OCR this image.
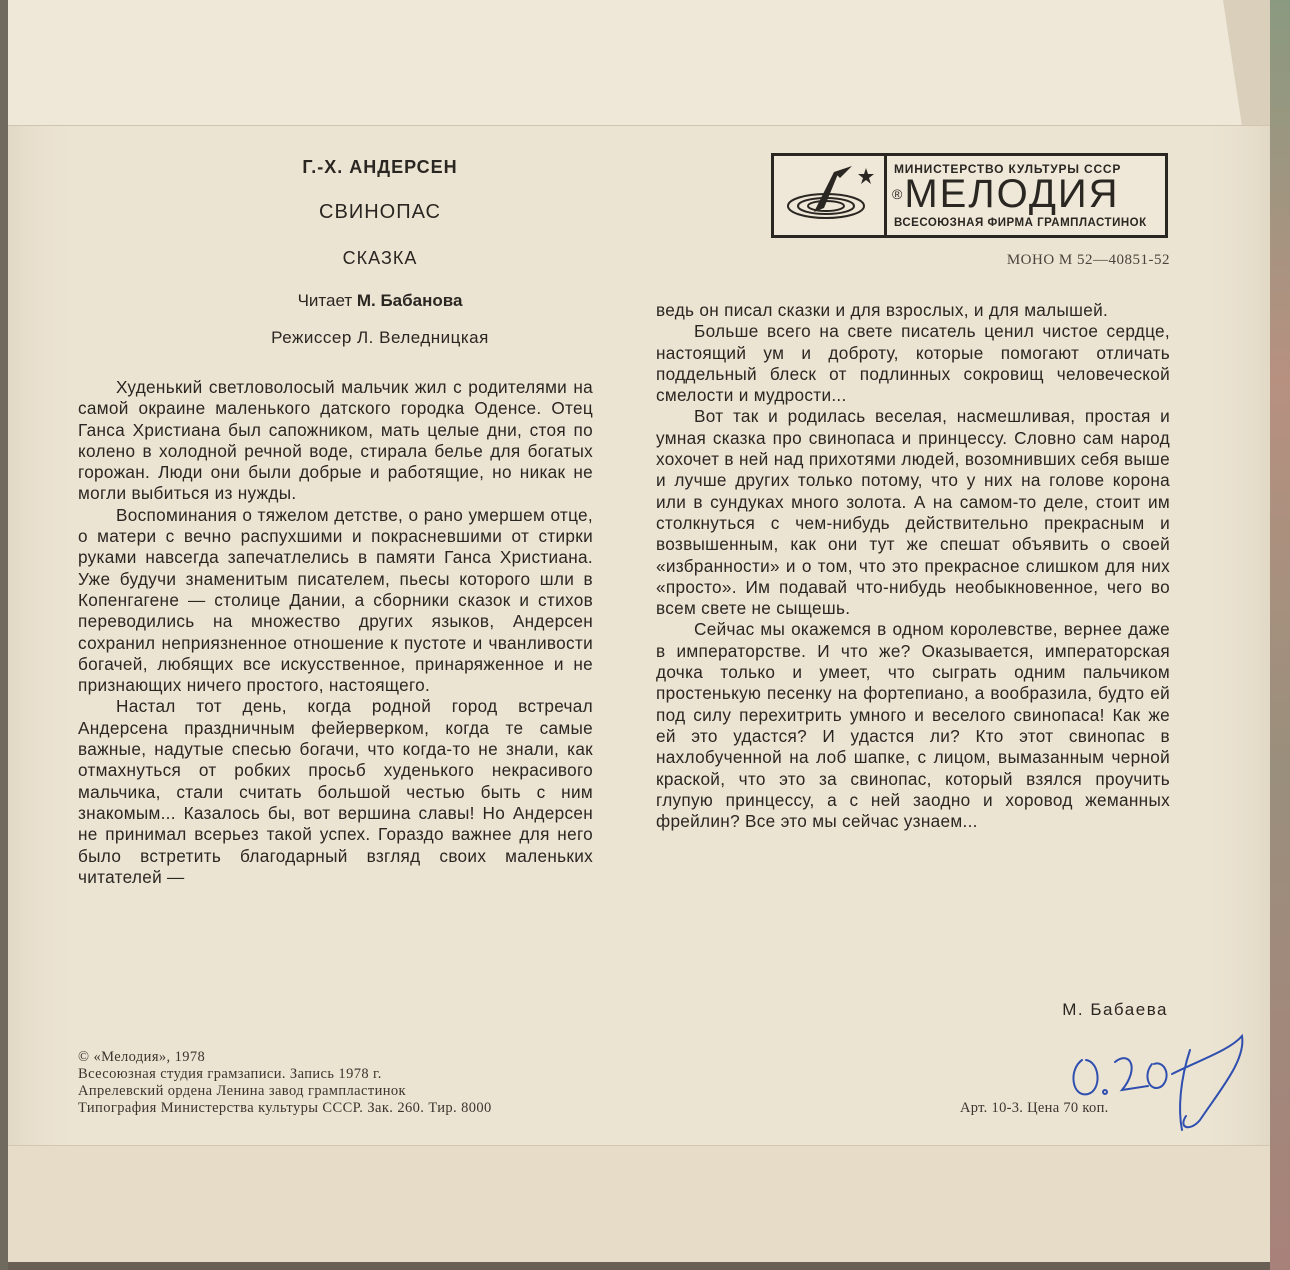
Г.-Х. АНДЕРСЕН
СВИНОПАС
СКАЗКА
Читает М. Бабанова
Режиссер Л. Веледницкая
МИНИСТЕРСТВО КУЛЬТУРЫ СССР
®МЕЛОДИЯ
ВСЕСОЮЗНАЯ ФИРМА ГРАМПЛАСТИНОК
МОНО М 52—40851-52

Худенький светловолосый мальчик жил с родителями на самой окраине маленького датского городка Оденсе. Отец Ганса Христиана был сапожником, мать целые дни, стоя по колено в холодной речной воде, стирала белье для богатых горожан. Люди они были добрые и работящие, но никак не могли выбиться из нужды.

Воспоминания о тяжелом детстве, о рано умершем отце, о матери с вечно распухшими и покрасневшими от стирки руками навсегда запечатлелись в памяти Ганса Христиана. Уже будучи знаменитым писателем, пьесы которого шли в Копенгагене — столице Дании, а сборники сказок и стихов переводились на множество других языков, Андерсен сохранил неприязненное отношение к пустоте и чванливости богачей, любящих все искусственное, принаряженное и не признающих ничего простого, настоящего.

Настал тот день, когда родной город встречал Андерсена праздничным фейерверком, когда те самые важные, надутые спесью богачи, что когда-то не знали, как отмахнуться от робких просьб худенького некрасивого мальчика, стали считать большой честью быть с ним знакомым... Казалось бы, вот вершина славы! Но Андерсен не принимал всерьез такой успех. Гораздо важнее для него было встретить благодарный взгляд своих маленьких читателей —

ведь он писал сказки и для взрослых, и для малышей.

Больше всего на свете писатель ценил чистое сердце, настоящий ум и доброту, которые помогают отличать поддельный блеск от подлинных сокровищ человеческой смелости и мудрости...

Вот так и родилась веселая, насмешливая, простая и умная сказка про свинопаса и принцессу. Словно сам народ хохочет в ней над прихотями людей, возомнивших себя выше и лучше других только потому, что у них на голове корона или в сундуках много золота. А на самом-то деле, стоит им столкнуться с чем-нибудь действительно прекрасным и возвышенным, как они тут же спешат объявить о своей «избранности» и о том, что это прекрасное слишком для них «просто». Им подавай что-нибудь необыкновенное, чего во всем свете не сыщешь.

Сейчас мы окажемся в одном королевстве, вернее даже в императорстве. И что же? Оказывается, императорская дочка только и умеет, что сыграть одним пальчиком простенькую песенку на фортепиано, а вообразила, будто ей под силу перехитрить умного и веселого свинопаса! Как же ей это удастся? И удастся ли? Кто этот свинопас в нахлобученной на лоб шапке, с лицом, вымазанным черной краской, что это за свинопас, который взялся проучить глупую принцессу, а с ней заодно и хоровод жеманных фрейлин? Все это мы сейчас узнаем...

М. Бабаева
© «Мелодия», 1978
Всесоюзная студия грамзаписи. Запись 1978 г.
Апрелевский ордена Ленина завод грампластинок
Типография Министерства культуры СССР. Зак. 260. Тир. 8000	Арт. 10-3. Цена 70 коп.
